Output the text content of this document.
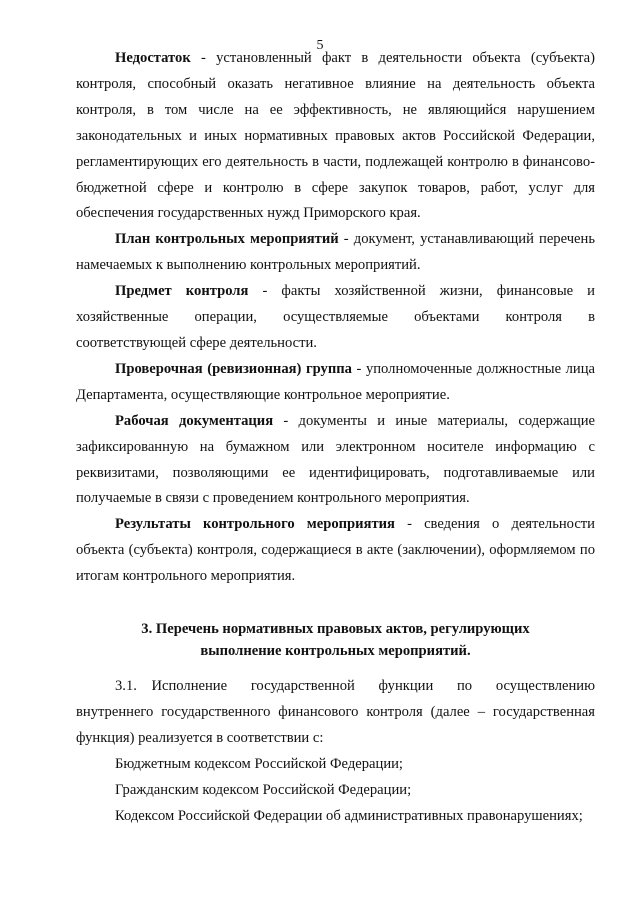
5

Недостаток - установленный факт в деятельности объекта (субъекта) контроля, способный оказать негативное влияние на деятельность объекта контроля, в том числе на ее эффективность, не являющийся нарушением законодательных и иных нормативных правовых актов Российской Федерации, регламентирующих его деятельность в части, подлежащей контролю в финансово-бюджетной сфере и контролю в сфере закупок товаров, работ, услуг для обеспечения государственных нужд Приморского края.

План контрольных мероприятий - документ, устанавливающий перечень намечаемых к выполнению контрольных мероприятий.

Предмет контроля - факты хозяйственной жизни, финансовые и хозяйственные операции, осуществляемые объектами контроля в соответствующей сфере деятельности.

Проверочная (ревизионная) группа - уполномоченные должностные лица Департамента, осуществляющие контрольное мероприятие.

Рабочая документация - документы и иные материалы, содержащие зафиксированную на бумажном или электронном носителе информацию с реквизитами, позволяющими ее идентифицировать, подготавливаемые или получаемые в связи с проведением контрольного мероприятия.

Результаты контрольного мероприятия - сведения о деятельности объекта (субъекта) контроля, содержащиеся в акте (заключении), оформляемом по итогам контрольного мероприятия.

3. Перечень нормативных правовых актов, регулирующих
выполнение контрольных мероприятий.

3.1. Исполнение государственной функции по осуществлению внутреннего государственного финансового контроля (далее – государственная функция) реализуется в соответствии с:

Бюджетным кодексом Российской Федерации;

Гражданским кодексом Российской Федерации;

Кодексом Российской Федерации об административных правонарушениях;
